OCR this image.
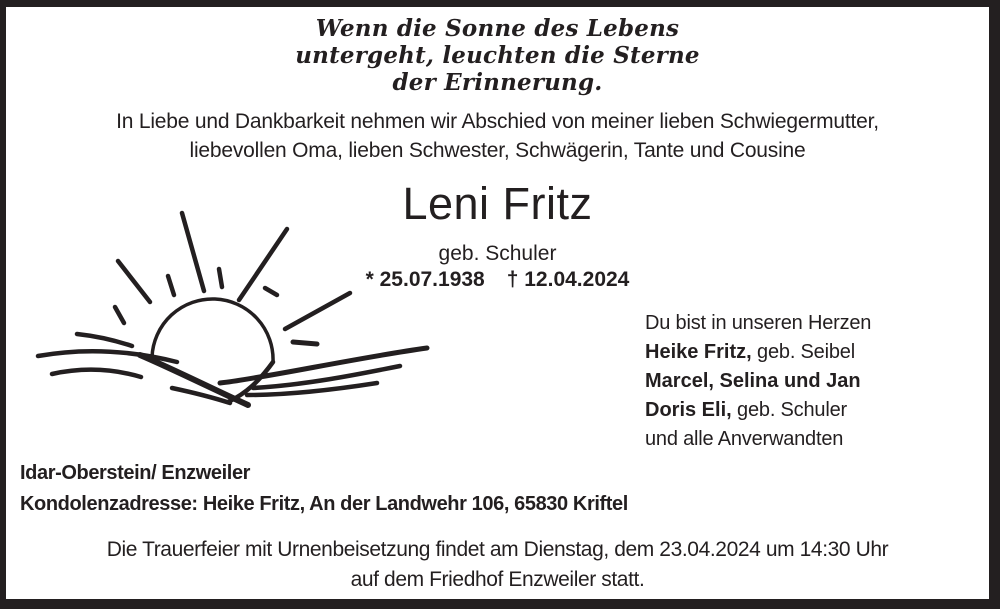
Wenn die Sonne des Lebens
untergeht, leuchten die Sterne
der Erinnerung.
In Liebe und Dankbarkeit nehmen wir Abschied von meiner lieben Schwiegermutter,
liebevollen Oma, lieben Schwester, Schwägerin, Tante und Cousine
Leni Fritz
geb. Schuler
* 25.07.1938 † 12.04.2024
Du bist in unseren Herzen
Heike Fritz, geb. Seibel
Marcel, Selina und Jan
Doris Eli, geb. Schuler
und alle Anverwandten
Idar-Oberstein/ Enzweiler
Kondolenzadresse: Heike Fritz, An der Landwehr 106, 65830 Kriftel
Die Trauerfeier mit Urnenbeisetzung findet am Dienstag, dem 23.04.2024 um 14:30 Uhr
auf dem Friedhof Enzweiler statt.
